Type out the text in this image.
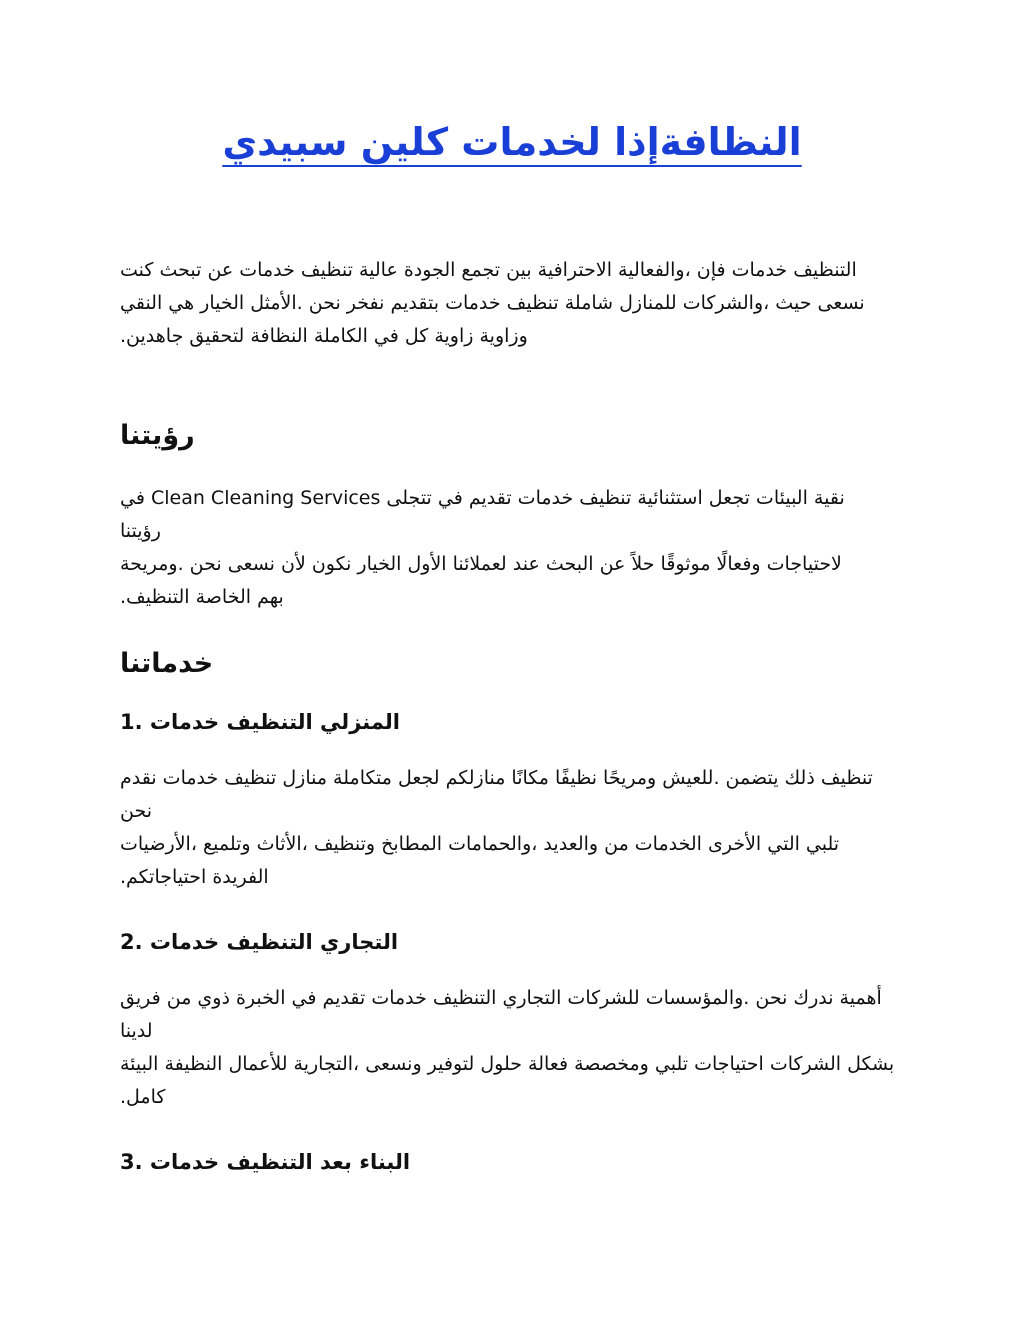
النظافةإذا لخدمات كلين سبيدي
التنظيف خدمات فإن ،والفعالية الاحترافية بين تجمع الجودة عالية تنظيف خدمات عن تبحث كنت
نسعى حيث ،والشركات للمنازل شاملة تنظيف خدمات بتقديم نفخر نحن .الأمثل الخيار هي النقي
وزاوية زاوية كل في الكاملة النظافة لتحقيق جاهدين.
رؤيتنا
نقية البيئات تجعل استثنائية تنظيف خدمات تقديم في تتجلى Clean Cleaning Services في رؤيتنا
لاحتياجات وفعالًا موثوقًا حلاً عن البحث عند لعملائنا الأول الخيار نكون لأن نسعى نحن .ومريحة
بهم الخاصة التنظيف.
خدماتنا
المنزلي التنظيف خدمات .1
تنظيف ذلك يتضمن .للعيش ومريحًا نظيفًا مكانًا منازلكم لجعل متكاملة منازل تنظيف خدمات نقدم نحن
تلبي التي الأخرى الخدمات من والعديد ،والحمامات المطابخ وتنظيف ،الأثاث وتلميع ،الأرضيات
الفريدة احتياجاتكم.
التجاري التنظيف خدمات .2
أهمية ندرك نحن .والمؤسسات للشركات التجاري التنظيف خدمات تقديم في الخبرة ذوي من فريق لدينا
بشكل الشركات احتياجات تلبي ومخصصة فعالة حلول لتوفير ونسعى ،التجارية للأعمال النظيفة البيئة
كامل.
البناء بعد التنظيف خدمات .3
